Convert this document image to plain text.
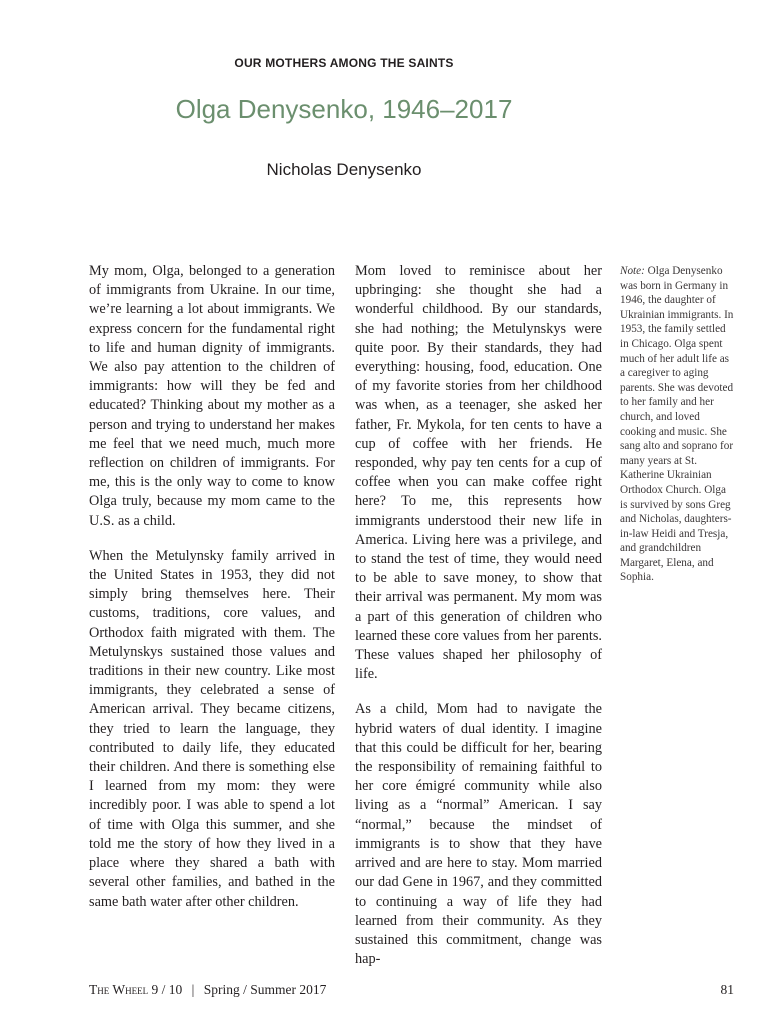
OUR MOTHERS AMONG THE SAINTS
Olga Denysenko, 1946–2017
Nicholas Denysenko

My mom, Olga, belonged to a generation of immigrants from Ukraine. In our time, we’re learning a lot about immigrants. We express concern for the fundamental right to life and human dignity of immigrants. We also pay attention to the children of immigrants: how will they be fed and educated? Thinking about my mother as a person and trying to understand her makes me feel that we need much, much more reflection on children of immigrants. For me, this is the only way to come to know Olga truly, because my mom came to the U.S. as a child.

When the Metulynsky family arrived in the United States in 1953, they did not simply bring themselves here. Their customs, traditions, core values, and Orthodox faith migrated with them. The Metulynskys sustained those values and traditions in their new country. Like most immigrants, they celebrated a sense of American arrival. They became citizens, they tried to learn the language, they contributed to daily life, they educated their children. And there is something else I learned from my mom: they were incredibly poor. I was able to spend a lot of time with Olga this summer, and she told me the story of how they lived in a place where they shared a bath with several other families, and bathed in the same bath water after other children.

Mom loved to reminisce about her upbringing: she thought she had a wonderful childhood. By our standards, she had nothing; the Metulynskys were quite poor. By their standards, they had everything: housing, food, education. One of my favorite stories from her childhood was when, as a teenager, she asked her father, Fr. Mykola, for ten cents to have a cup of coffee with her friends. He responded, why pay ten cents for a cup of coffee when you can make coffee right here? To me, this represents how immigrants understood their new life in America. Living here was a privilege, and to stand the test of time, they would need to be able to save money, to show that their arrival was permanent. My mom was a part of this generation of children who learned these core values from her parents. These values shaped her philosophy of life.

As a child, Mom had to navigate the hybrid waters of dual identity. I imagine that this could be difficult for her, bearing the responsibility of remaining faithful to her core émigré community while also living as a “normal” American. I say “normal,” because the mindset of immigrants is to show that they have arrived and are here to stay. Mom married our dad Gene in 1967, and they committed to continuing a way of life they had learned from their community. As they sustained this commitment, change was hap-

Note: Olga Denysenko was born in Germany in 1946, the daughter of Ukrainian immigrants. In 1953, the family settled in Chicago. Olga spent much of her adult life as a caregiver to aging parents. She was devoted to her family and her church, and loved cooking and music. She sang alto and soprano for many years at St. Katherine Ukrainian Orthodox Church. Olga is survived by sons Greg and Nicholas, daughters-in-law Heidi and Tresja, and grandchildren Margaret, Elena, and Sophia.
The Wheel 9 / 10 | Spring / Summer 2017	81
